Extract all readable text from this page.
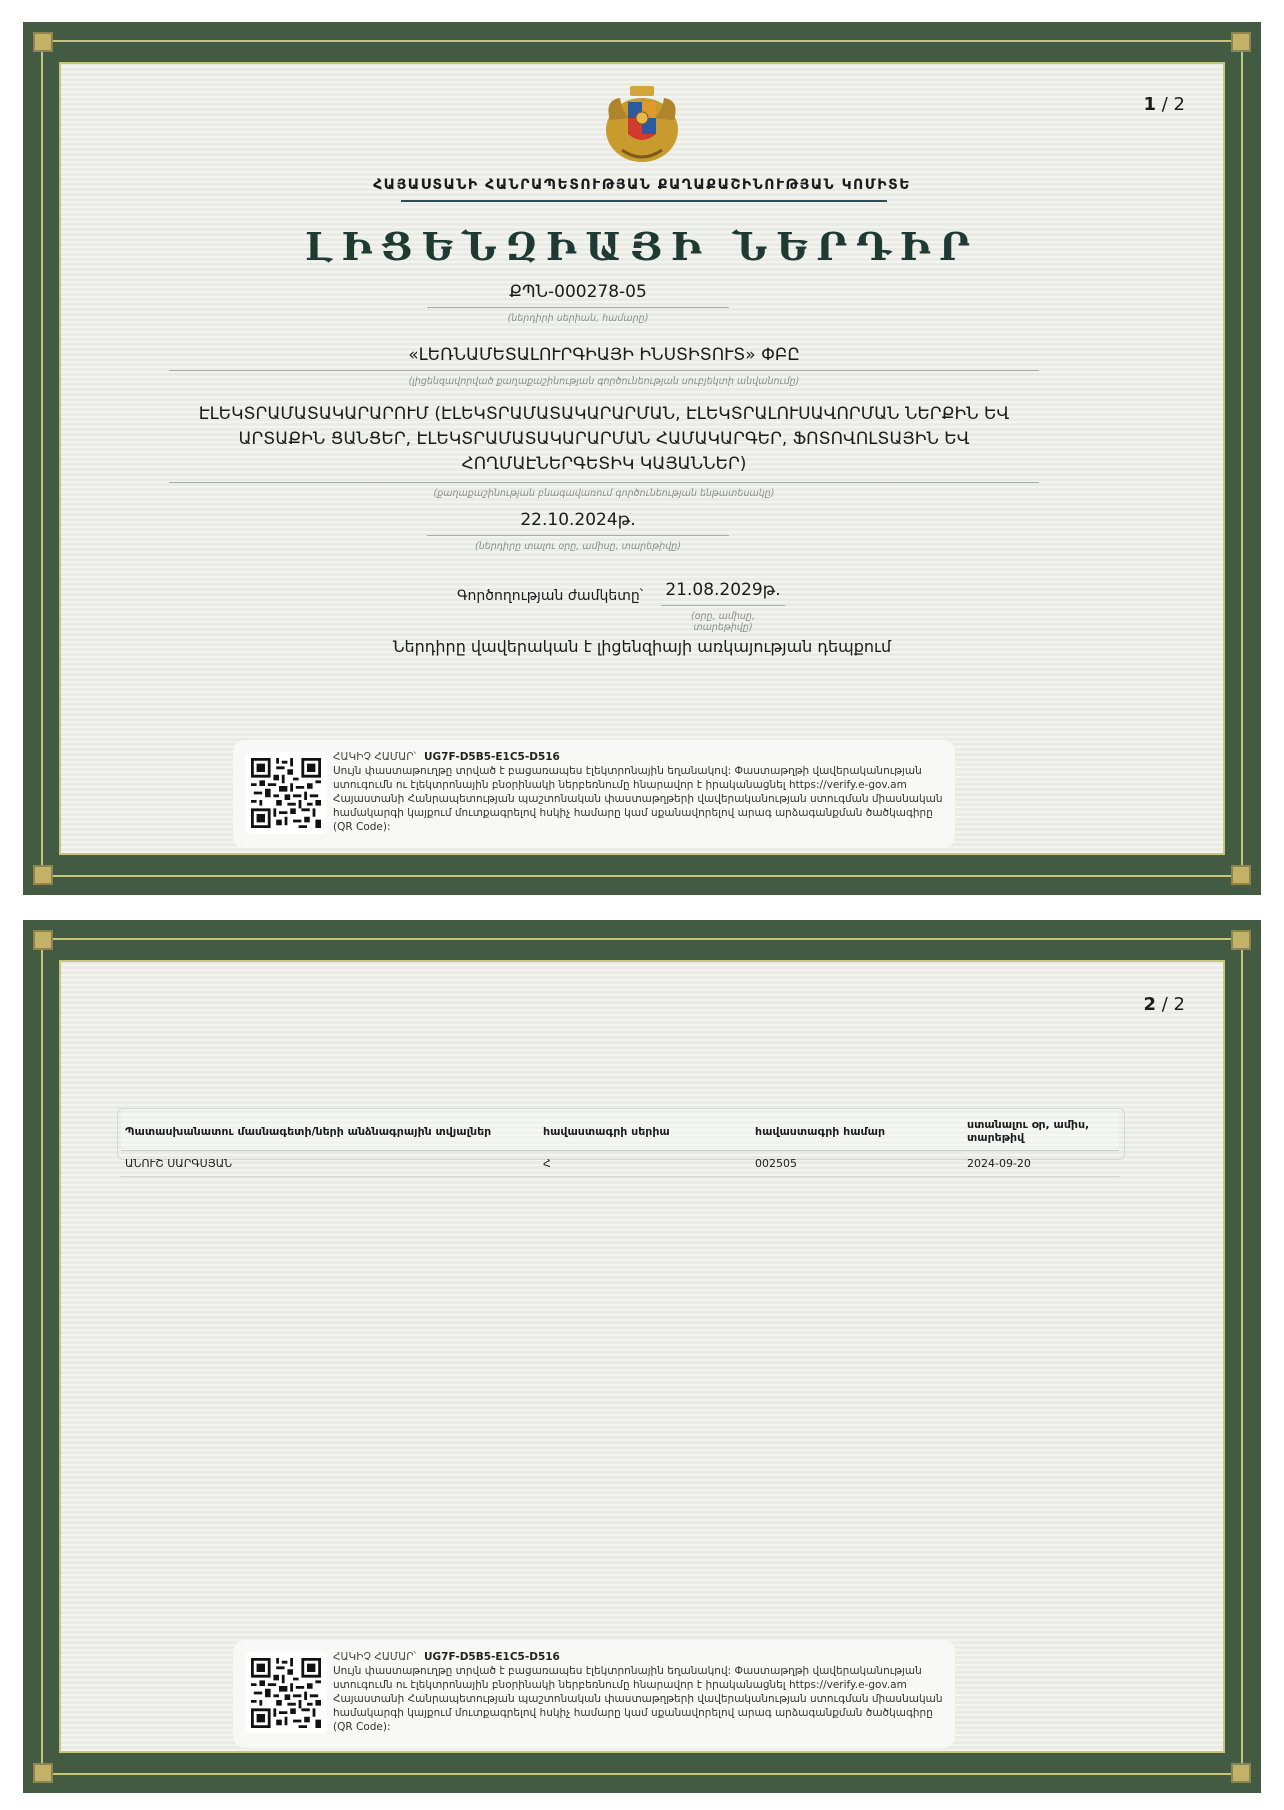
1 / 2
ՀԱՅԱՍՏԱՆԻ ՀԱՆՐԱՊԵՏՈՒԹՅԱՆ ՔԱՂԱՔԱՇԻՆՈՒԹՅԱՆ ԿՈՄԻՏԵ
ԼԻՑԵՆԶԻԱՅԻ ՆԵՐԴԻՐ
ՔՊՆ-000278-05
(ներդիրի սերիան, համարը)
«ԼԵՌՆԱՄԵՏԱԼՈՒՐԳԻԱՅԻ ԻՆՍՏԻՏՈՒՏ» ՓԲԸ
(լիցենզավորված քաղաքաշինության գործունեության սուբյեկտի անվանումը)
ԷԼԵԿՏՐԱՄԱՏԱԿԱՐԱՐՈՒՄ (ԷԼԵԿՏՐԱՄԱՏԱԿԱՐԱՐՄԱՆ, ԷԼԵԿՏՐԱԼՈՒՍԱՎՈՐՄԱՆ ՆԵՐՔԻՆ ԵՎ
ԱՐՏԱՔԻՆ ՑԱՆՑԵՐ, ԷԼԵԿՏՐԱՄԱՏԱԿԱՐԱՐՄԱՆ ՀԱՄԱԿԱՐԳԵՐ, ՖՈՏՈՎՈԼՏԱՅԻՆ ԵՎ
ՀՈՂՄԱԷՆԵՐԳԵՏԻԿ ԿԱՅԱՆՆԵՐ)
(քաղաքաշինության բնագավառում գործունեության ենթատեսակը)
22.10.2024թ.
(ներդիրը տալու օրը, ամիսը, տարեթիվը)
Գործողության ժամկետը՝ 21.08.2029թ.
(օրը, ամիսը, տարեթիվը)
Ներդիրը վավերական է լիցենզիայի առկայության դեպքում
ՀԱԿԻՉ ՀԱՄԱՐ՝ UG7F-D5B5-E1C5-D516
Սույն փաստաթուղթը տրված է բացառապես էլեկտրոնային եղանակով: Փաստաթղթի վավերականության ստուգումն ու էլեկտրոնային բնօրինակի ներբեռնումը հնարավոր է իրականացնել https://verify.e-gov.am Հայաստանի Հանրապետության պաշտոնական փաստաթղթերի վավերականության ստուգման միասնական համակարգի կայքում մուտքագրելով հսկիչ համարը կամ սքանավորելով արագ արձագանքման ծածկագիրը (QR Code):
2 / 2
Պատասխանատու մասնագետի/ների անձնագրային տվյալներ	հավաստագրի սերիա	հավաստագրի համար	ստանալու օր, ամիս, տարեթիվ
ԱՆՈՒՇ ՍԱՐԳՍՅԱՆ	Հ	002505	2024-09-20
ՀԱԿԻՉ ՀԱՄԱՐ՝ UG7F-D5B5-E1C5-D516
Սույն փաստաթուղթը տրված է բացառապես էլեկտրոնային եղանակով: Փաստաթղթի վավերականության ստուգումն ու էլեկտրոնային բնօրինակի ներբեռնումը հնարավոր է իրականացնել https://verify.e-gov.am Հայաստանի Հանրապետության պաշտոնական փաստաթղթերի վավերականության ստուգման միասնական համակարգի կայքում մուտքագրելով հսկիչ համարը կամ սքանավորելով արագ արձագանքման ծածկագիրը (QR Code):
